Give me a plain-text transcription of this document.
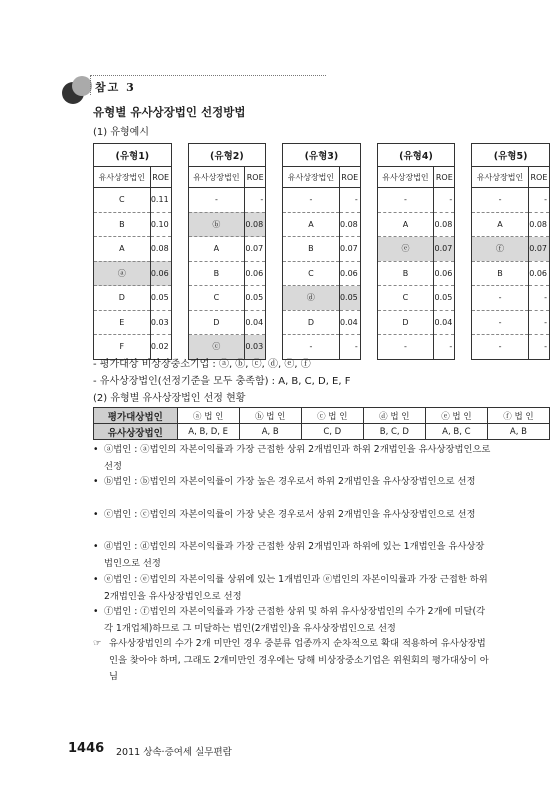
참고 3
유형별 유사상장법인 선정방법
(1) 유형예시
(유형1)			(유형2)			(유형3)			(유형4)			(유형5)	
유사상장법인	ROE		유사상장법인	ROE		유사상장법인	ROE		유사상장법인	ROE		유사상장법인	ROE
C	0.11		-	-		-	-		-	-		-	-
B	0.10		ⓑ	0.08		A	0.08		A	0.08		A	0.08
A	0.08		A	0.07		B	0.07		ⓔ	0.07		ⓕ	0.07
ⓐ	0.06		B	0.06		C	0.06		B	0.06		B	0.06
D	0.05		C	0.05		ⓓ	0.05		C	0.05		-	-
E	0.03		D	0.04		D	0.04		D	0.04		-	-
F	0.02		ⓒ	0.03		-	-		-	-		-	-
- 평가대상 비상장중소기업 : ⓐ, ⓑ, ⓒ, ⓓ, ⓔ, ⓕ
- 유사상장법인(선정기준을 모두 충족함) : A, B, C, D, E, F
(2) 유형별 유사상장법인 선정 현황
평가대상법인	ⓐ 법 인	ⓑ 법 인	ⓒ 법 인	ⓓ 법 인	ⓔ 법 인	ⓕ 법 인
유사상장법인	A, B, D, E	A, B	C, D	B, C, D	A, B, C	A, B
• ⓐ법인 : ⓐ법인의 자본이익률과 가장 근접한 상위 2개법인과 하위 2개법인을 유사상장법인으로 선정
• ⓑ법인 : ⓑ법인의 자본이익률이 가장 높은 경우로서 하위 2개법인을 유사상장법인으로 선정
• ⓒ법인 : ⓒ법인의 자본이익률이 가장 낮은 경우로서 상위 2개법인을 유사상장법인으로 선정
• ⓓ법인 : ⓓ법인의 자본이익률과 가장 근접한 상위 2개법인과 하위에 있는 1개법인을 유사상장법인으로 선정
• ⓔ법인 : ⓔ법인의 자본이익률 상위에 있는 1개법인과 ⓔ법인의 자본이익률과 가장 근접한 하위 2개법인을 유사상장법인으로 선정
• ⓕ법인 : ⓕ법인의 자본이익률과 가장 근접한 상위 및 하위 유사상장법인의 수가 2개에 미달(각각 1개업체)하므로 그 미달하는 법인(2개법인)을 유사상장법인으로 선정
☞ 유사상장법인의 수가 2개 미만인 경우 중분류 업종까지 순차적으로 확대 적용하여 유사상장법인을 찾아야 하며, 그래도 2개미만인 경우에는 당해 비상장중소기업은 위원회의 평가대상이 아님
1446 2011 상속·증여세 실무편람
